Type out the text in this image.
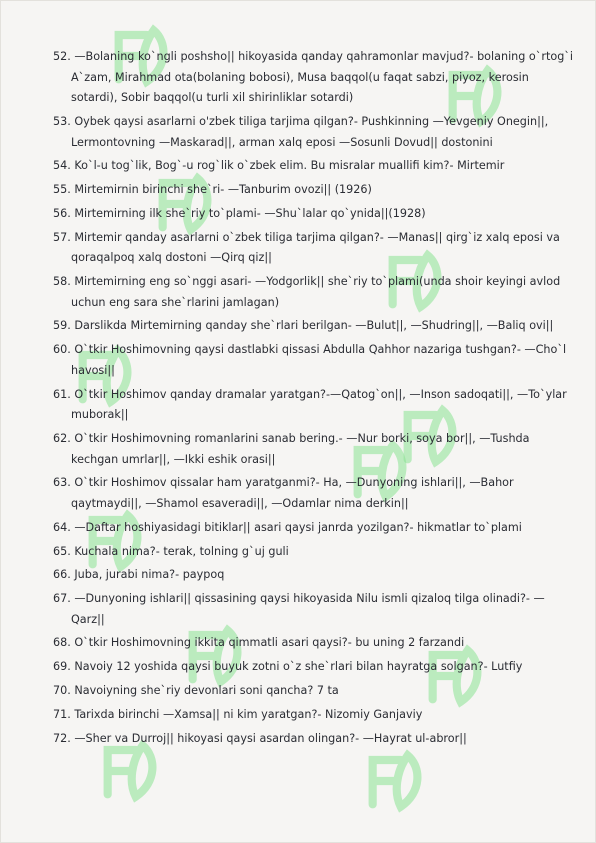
52. —Bolaning ko`ngli poshsho|| hikoyasida qanday qahramonlar mavjud?- bolaning o`rtog`i A`zam, Mirahmad ota(bolaning bobosi), Musa baqqol(u faqat sabzi, piyoz, kerosin sotardi), Sobir baqqol(u turli xil shirinliklar sotardi)
53. Oybek qaysi asarlarni o'zbek tiliga tarjima qilgan?- Pushkinning —Yevgeniy Onegin||, Lermontovning —Maskarad||, arman xalq eposi —Sosunli Dovud|| dostonini
54. Ko`l-u tog`lik, Bog`-u rog`lik o`zbek elim. Bu misralar muallifi kim?- Mirtemir
55. Mirtemirnin birinchi she`ri- —Tanburim ovozi|| (1926)
56. Mirtemirning ilk she`riy to`plami- —Shu`lalar qo`ynida||(1928)
57. Mirtemir qanday asarlarni o`zbek tiliga tarjima qilgan?- —Manas|| qirg`iz xalq eposi va qoraqalpoq xalq dostoni —Qirq qiz||
58. Mirtemirning eng so`nggi asari- —Yodgorlik|| she`riy to`plami(unda shoir keyingi avlod uchun eng sara she`rlarini jamlagan)
59. Darslikda Mirtemirning qanday she`rlari berilgan- —Bulut||, —Shudring||, —Baliq ovi||
60. O`tkir Hoshimovning qaysi dastlabki qissasi Abdulla Qahhor nazariga tushgan?- —Cho`l havosi||
61. O`tkir Hoshimov qanday dramalar yaratgan?-—Qatog`on||, —Inson sadoqati||, —To`ylar muborak||
62. O`tkir Hoshimovning romanlarini sanab bering.- —Nur borki, soya bor||, —Tushda kechgan umrlar||, —Ikki eshik orasi||
63. O`tkir Hoshimov qissalar ham yaratganmi?- Ha, —Dunyoning ishlari||, —Bahor qaytmaydi||, —Shamol esaveradi||, —Odamlar nima derkin||
64. —Daftar hoshiyasidagi bitiklar|| asari qaysi janrda yozilgan?- hikmatlar to`plami
65. Kuchala nima?- terak, tolning g`uj guli
66. Juba, jurabi nima?- paypoq
67. —Dunyoning ishlari|| qissasining qaysi hikoyasida Nilu ismli qizaloq tilga olinadi?- —Qarz||
68. O`tkir Hoshimovning ikkita qimmatli asari qaysi?- bu uning 2 farzandi
69. Navoiy 12 yoshida qaysi buyuk zotni o`z she`rlari bilan hayratga solgan?- Lutfiy
70. Navoiyning she`riy devonlari soni qancha? 7 ta
71. Tarixda birinchi —Xamsa|| ni kim yaratgan?- Nizomiy Ganjaviy
72. —Sher va Durroj|| hikoyasi qaysi asardan olingan?- —Hayrat ul-abror||
